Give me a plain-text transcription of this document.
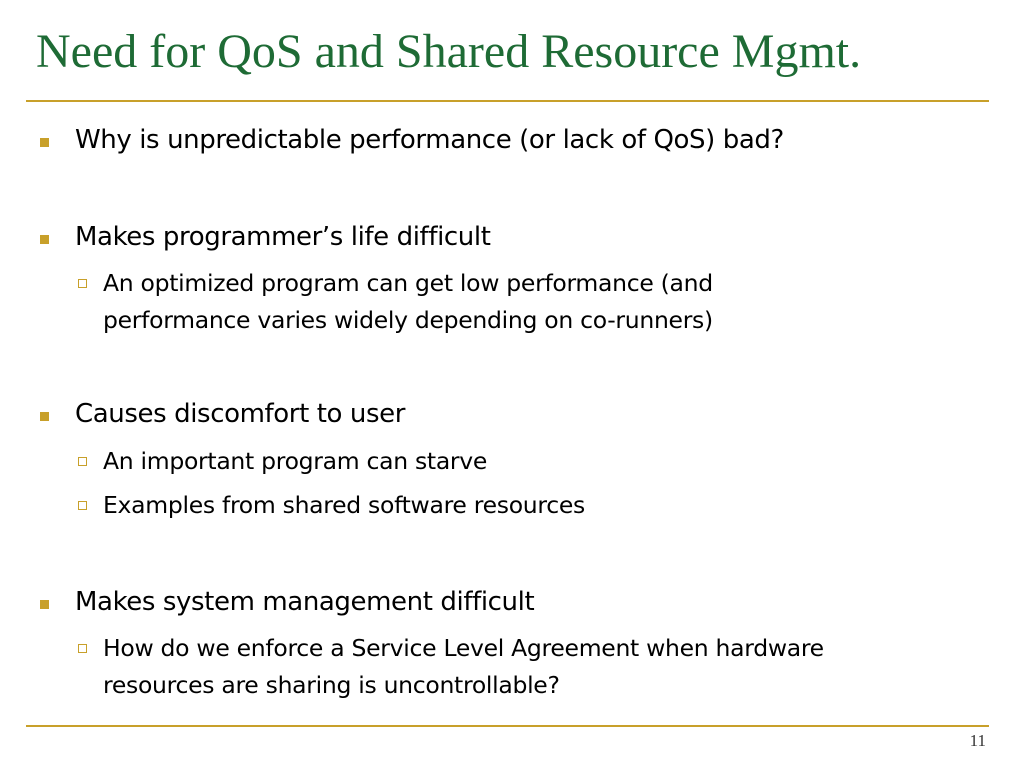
Need for QoS and Shared Resource Mgmt.
Why is unpredictable performance (or lack of QoS) bad?
Makes programmer’s life difficult
An optimized program can get low performance (and performance varies widely depending on co-runners)
Causes discomfort to user
An important program can starve
Examples from shared software resources
Makes system management difficult
How do we enforce a Service Level Agreement when hardware resources are sharing is uncontrollable?
11
